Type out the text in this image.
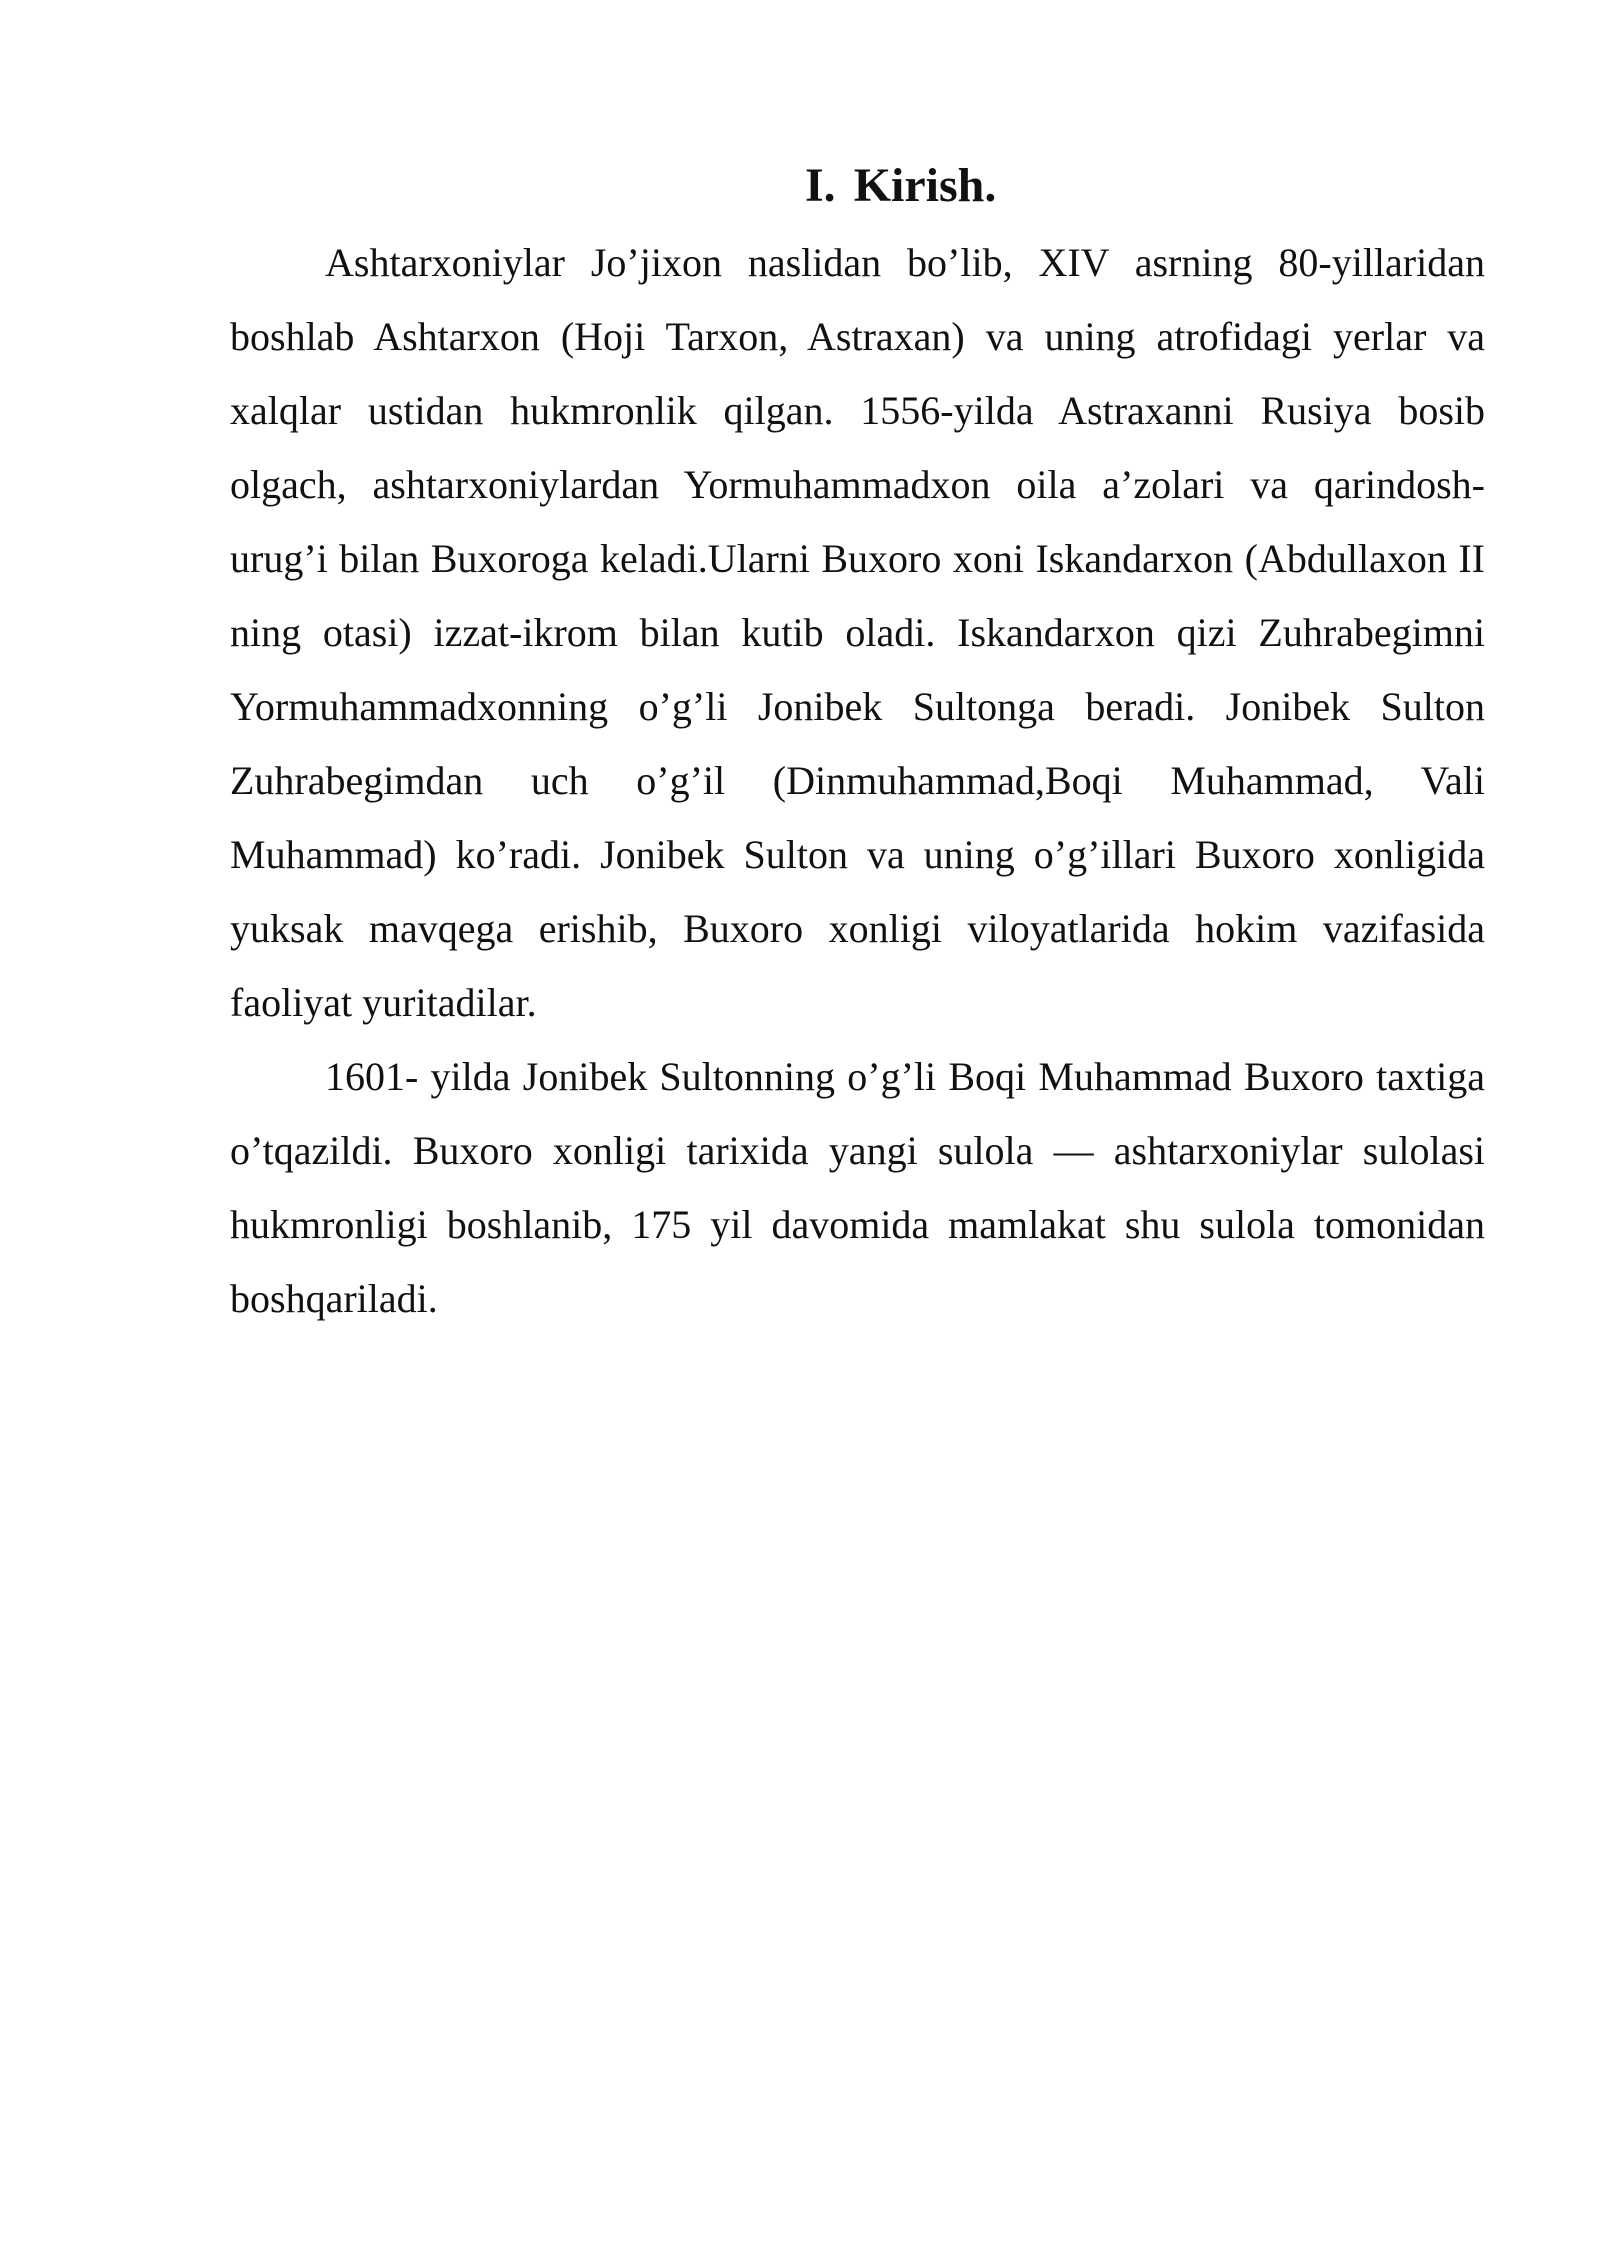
I. Kirish.

Ashtarxoniylar Jo’jixon naslidan bo’lib, XIV asrning 80-yillaridan boshlab Ashtarxon (Hoji Tarxon, Astraxan) va uning atrofidagi yerlar va xalqlar ustidan hukmronlik qilgan. 1556-yilda Astraxanni Rusiya bosib olgach, ashtarxoniylardan Yormuhammadxon oila a’zolari va qarindosh-urug’i bilan Buxoroga keladi.Ularni Buxoro xoni Iskandarxon (Abdullaxon II ning otasi) izzat-ikrom bilan kutib oladi. Iskandarxon qizi Zuhrabegimni Yormuhammadxonning o’g’li Jonibek Sultonga beradi. Jonibek Sulton Zuhrabegimdan uch o’g’il (Dinmuhammad,Boqi Muhammad, Vali Muhammad) ko’radi. Jonibek Sulton va uning o’g’illari Buxoro xonligida yuksak mavqega erishib, Buxoro xonligi viloyatlarida hokim vazifasida faoliyat yuritadilar.

1601- yilda Jonibek Sultonning o’g’li Boqi Muhammad Buxoro taxtiga o’tqazildi. Buxoro xonligi tarixida yangi sulola — ashtarxoniylar sulolasi hukmronligi boshlanib, 175 yil davomida mamlakat shu sulola tomonidan boshqariladi.
